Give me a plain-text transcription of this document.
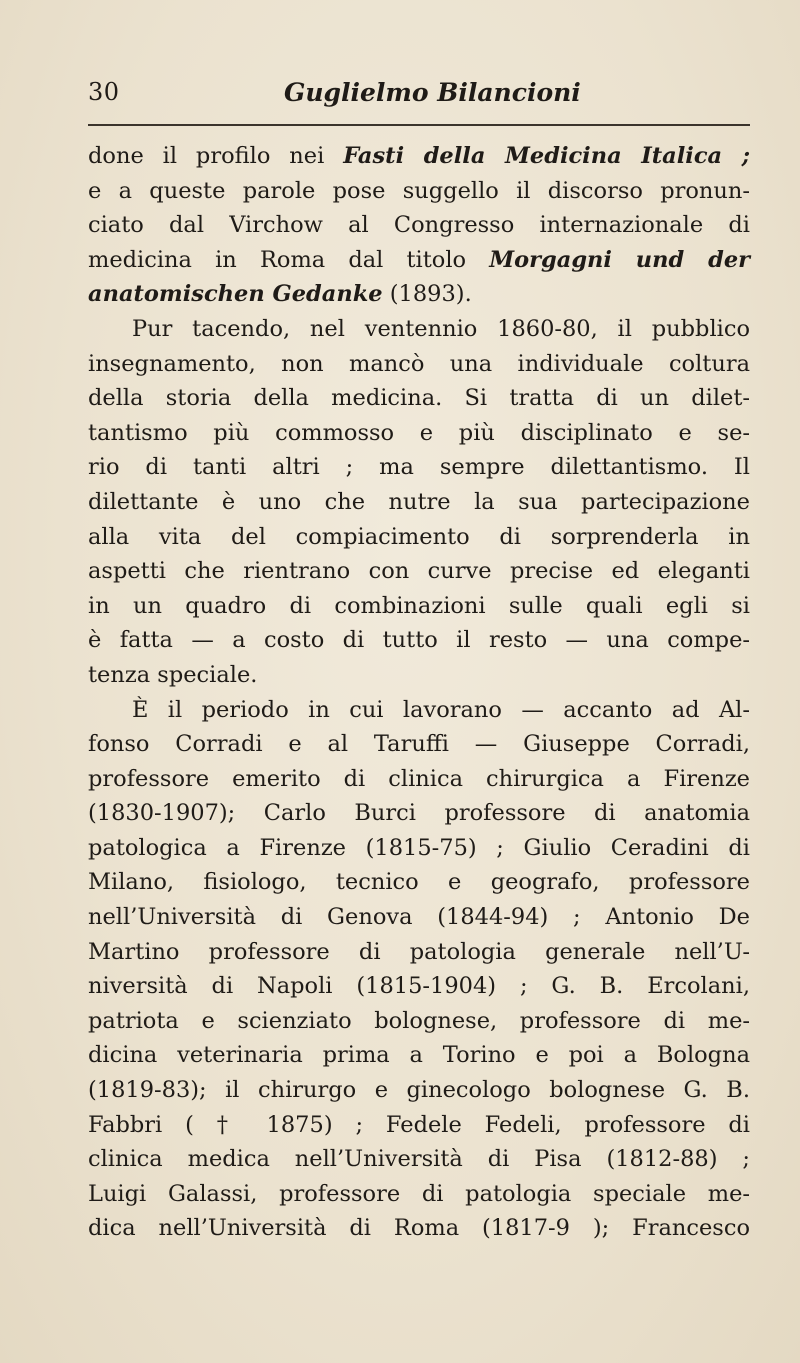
30	Guglielmo Bilancioni
done il profilo nei Fasti della Medicina Italica ;
e a queste parole pose suggello il discorso pronun-
ciato dal Virchow al Congresso internazionale di
medicina in Roma dal titolo Morgagni und der
anatomischen Gedanke (1893).
Pur tacendo, nel ventennio 1860-80, il pubblico
insegnamento, non mancò una individuale coltura
della storia della medicina. Si tratta di un dilet-
tantismo più commosso e più disciplinato e se-
rio di tanti altri ; ma sempre dilettantismo. Il
dilettante è uno che nutre la sua partecipazione
alla vita del compiacimento di sorprenderla in
aspetti che rientrano con curve precise ed eleganti
in un quadro di combinazioni sulle quali egli si
è fatta — a costo di tutto il resto — una compe-
tenza speciale.
È il periodo in cui lavorano — accanto ad Al-
fonso Corradi e al Taruffi — Giuseppe Corradi,
professore emerito di clinica chirurgica a Firenze
(1830-1907); Carlo Burci professore di anatomia
patologica a Firenze (1815-75) ; Giulio Ceradini di
Milano, fisiologo, tecnico e geografo, professore
nell’Università di Genova (1844-94) ; Antonio De
Martino professore di patologia generale nell’U-
niversità di Napoli (1815-1904) ; G. B. Ercolani,
patriota e scienziato bolognese, professore di me-
dicina veterinaria prima a Torino e poi a Bologna
(1819-83); il chirurgo e ginecologo bolognese G. B.
Fabbri ( † 1875) ; Fedele Fedeli, professore di
clinica medica nell’Università di Pisa (1812-88) ;
Luigi Galassi, professore di patologia speciale me-
dica nell’Università di Roma (1817-9 ); Francesco
